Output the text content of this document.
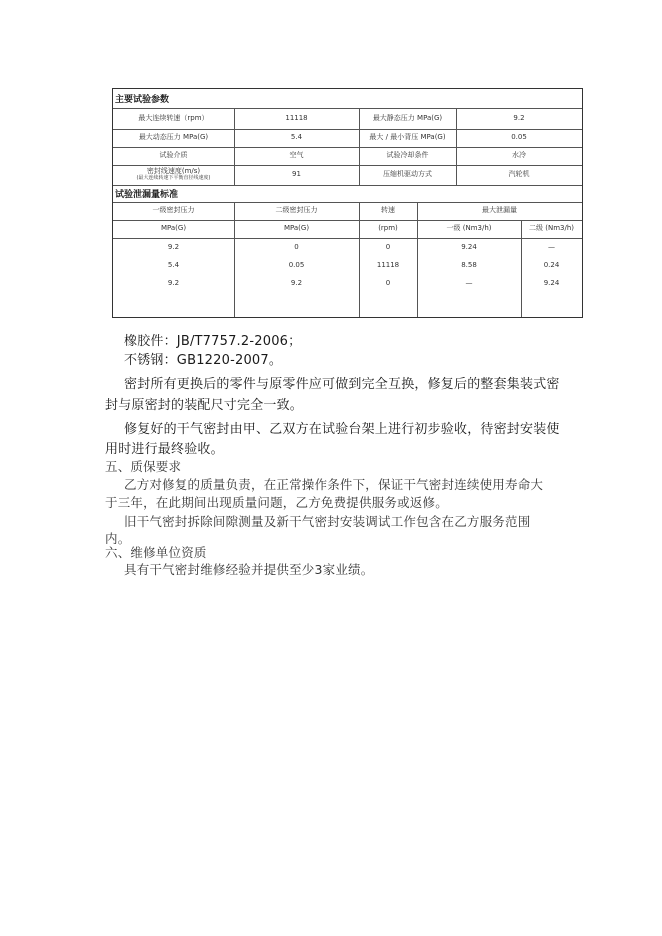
主要试验参数
最大连续转速（rpm）	11118	最大静态压力 MPa(G)	9.2
最大动态压力 MPa(G)	5.4	最大 / 最小背压 MPa(G)	0.05
试验介质	空气	试验冷却条件	水冷
密封线速度(m/s)
(最大连续转速下平衡直径线速度)	91	压缩机驱动方式	汽轮机
试验泄漏量标准
一级密封压力	二级密封压力	转速	最大泄漏量
MPa(G)	MPa(G)	(rpm)	一级 (Nm3/h)	二级 (Nm3/h)
9.2	0	0	9.24	—
5.4	0.05	11118	8.58	0.24
9.2	9.2	0	—	9.24
橡胶件：JB/T7757.2-2006；
不锈钢：GB1220-2007。
密封所有更换后的零件与原零件应可做到完全互换，修复后的整套集装式密
封与原密封的装配尺寸完全一致。
修复好的干气密封由甲、乙双方在试验台架上进行初步验收，待密封安装使
用时进行最终验收。
五、质保要求
乙方对修复的质量负责，在正常操作条件下，保证干气密封连续使用寿命大
于三年，在此期间出现质量问题，乙方免费提供服务或返修。
旧干气密封拆除间隙测量及新干气密封安装调试工作包含在乙方服务范围
内。
六、维修单位资质
具有干气密封维修经验并提供至少3家业绩。
